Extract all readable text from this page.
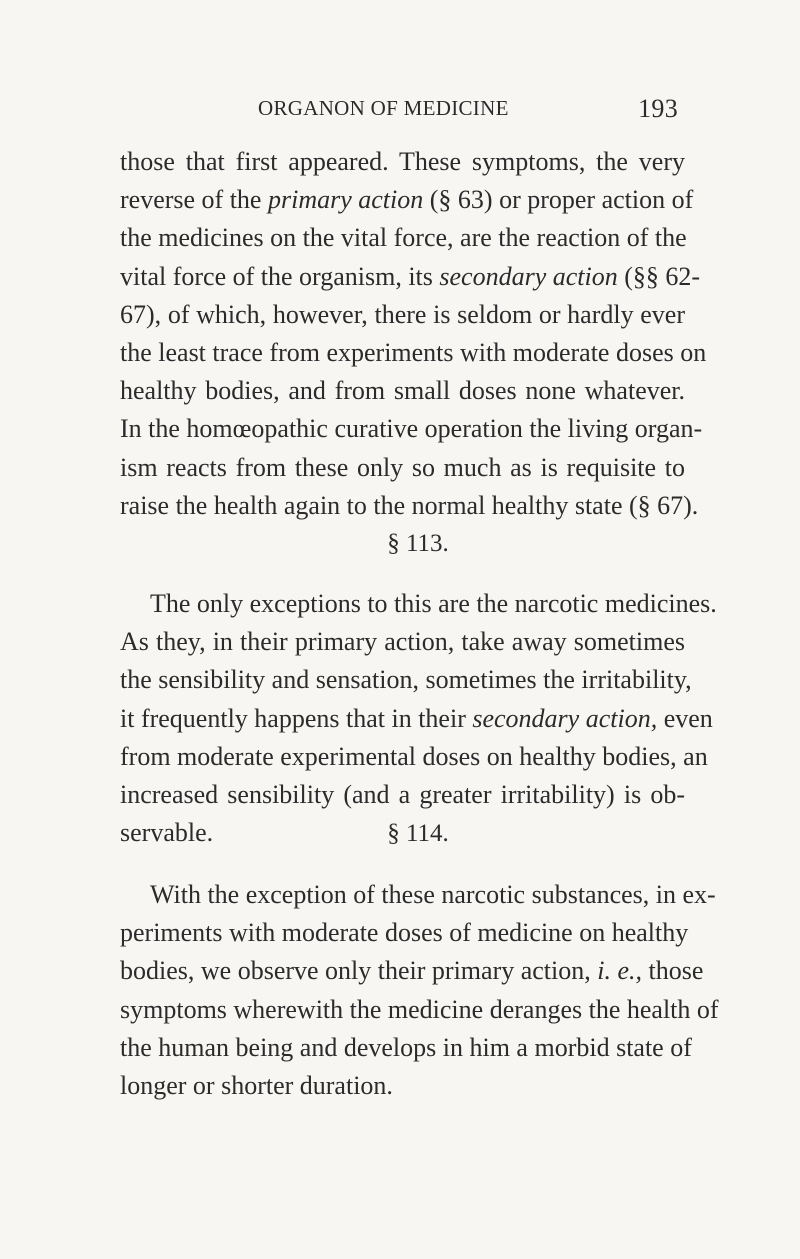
ORGANON OF MEDICINE	193
those that first appeared. These symptoms, the very
reverse of the primary action (§ 63) or proper action of
the medicines on the vital force, are the reaction of the
vital force of the organism, its secondary action (§§ 62-
67), of which, however, there is seldom or hardly ever
the least trace from experiments with moderate doses on
healthy bodies, and from small doses none whatever.
In the homœopathic curative operation the living organ-
ism reacts from these only so much as is requisite to
raise the health again to the normal healthy state (§ 67).
§ 113.
The only exceptions to this are the narcotic medicines.
As they, in their primary action, take away sometimes
the sensibility and sensation, sometimes the irritability,
it frequently happens that in their secondary action, even
from moderate experimental doses on healthy bodies, an
increased sensibility (and a greater irritability) is ob-
servable.	§ 114.
With the exception of these narcotic substances, in ex-
periments with moderate doses of medicine on healthy
bodies, we observe only their primary action, i. e., those
symptoms wherewith the medicine deranges the health of
the human being and develops in him a morbid state of
longer or shorter duration.
